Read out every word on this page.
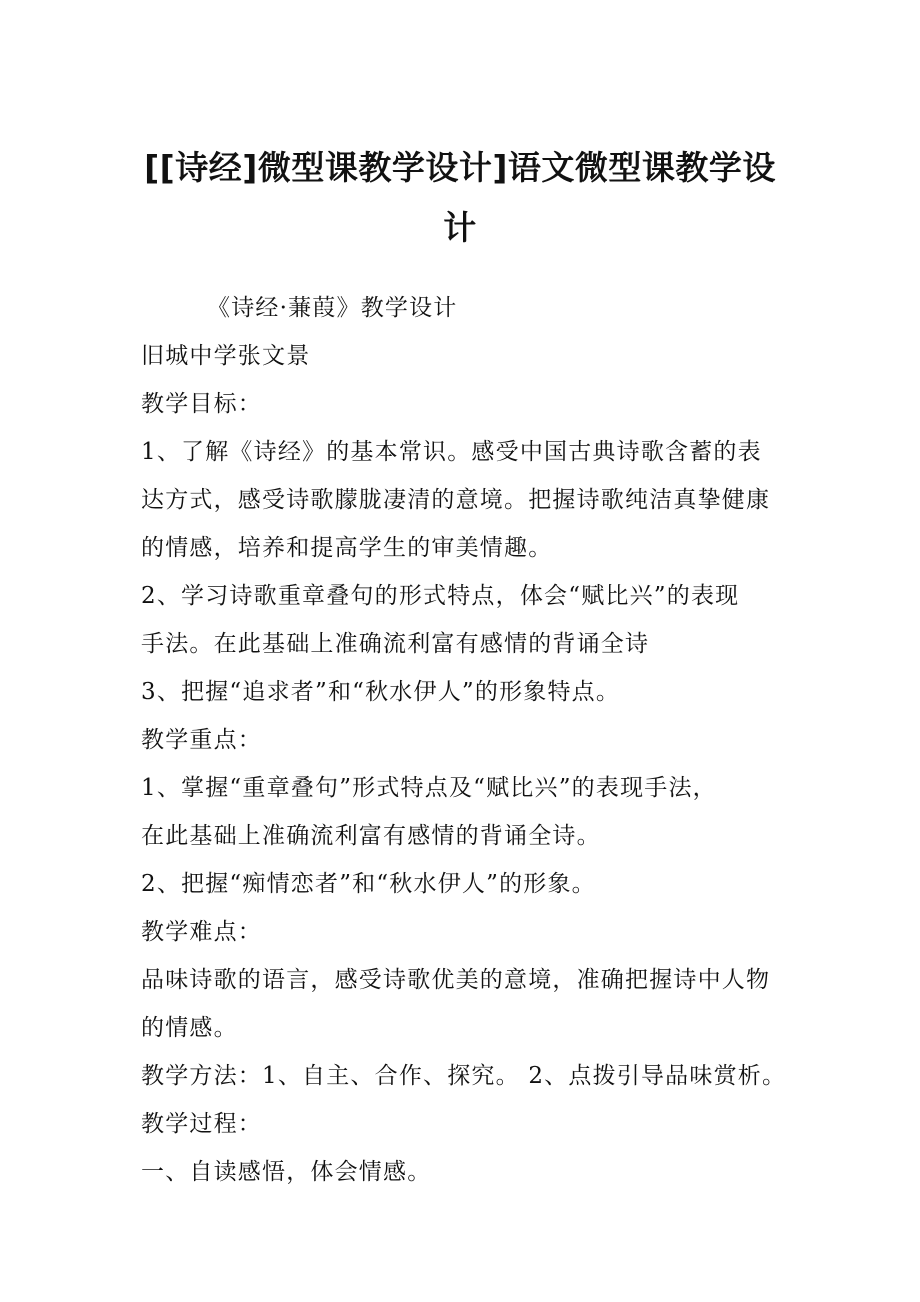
[[诗经]微型课教学设计]语文微型课教学设
计

《诗经·蒹葭》教学设计

旧城中学张文景

教学目标：

1、了解《诗经》的基本常识。感受中国古典诗歌含蓄的表

达方式，感受诗歌朦胧凄清的意境。把握诗歌纯洁真挚健康

的情感，培养和提高学生的审美情趣。

2、学习诗歌重章叠句的形式特点，体会“赋比兴”的表现

手法。在此基础上准确流利富有感情的背诵全诗

3、把握“追求者”和“秋水伊人”的形象特点。

教学重点：

1、掌握“重章叠句”形式特点及“赋比兴”的表现手法，

在此基础上准确流利富有感情的背诵全诗。

2、把握“痴情恋者”和“秋水伊人”的形象。

教学难点：

品味诗歌的语言，感受诗歌优美的意境，准确把握诗中人物

的情感。

教学方法：1、自主、合作、探究。 2、点拨引导品味赏析。

教学过程：

一、自读感悟，体会情感。
